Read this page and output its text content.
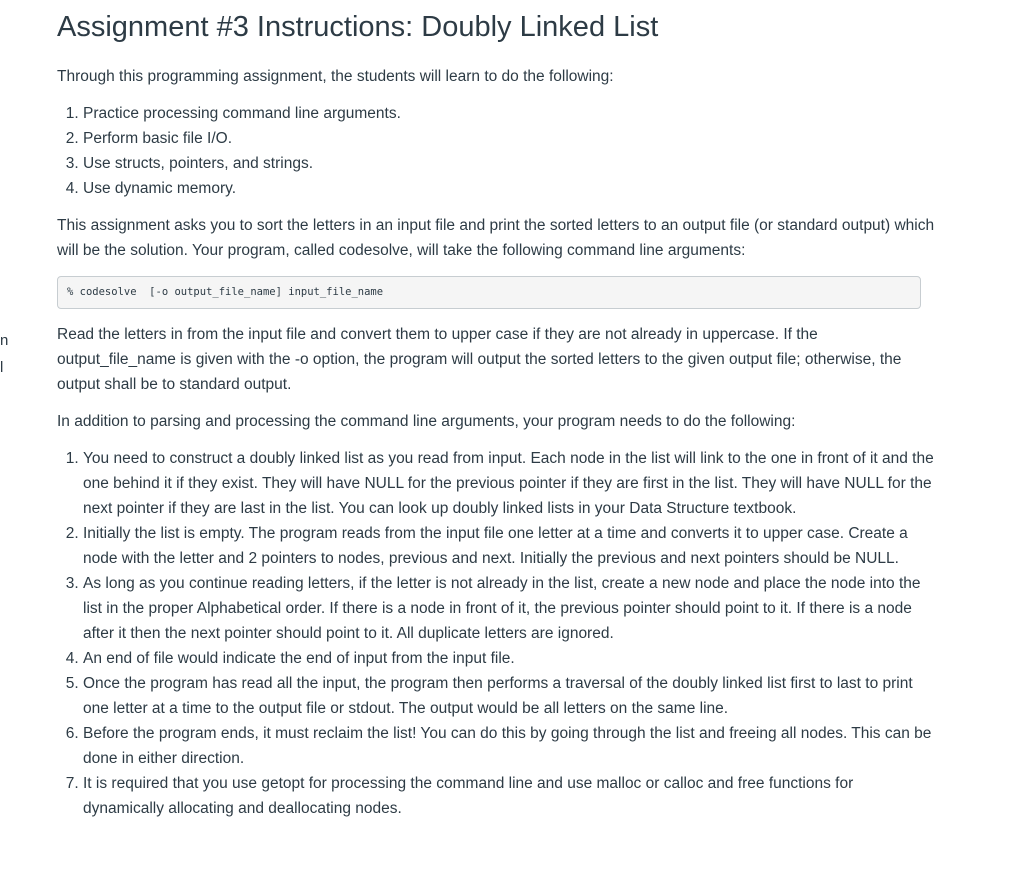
n
l
Assignment #3 Instructions: Doubly Linked List

Through this programming assignment, the students will learn to do the following:

1. Practice processing command line arguments.
2. Perform basic file I/O.
3. Use structs, pointers, and strings.
4. Use dynamic memory.

This assignment asks you to sort the letters in an input file and print the sorted letters to an output file (or standard output) which will be the solution. Your program, called codesolve, will take the following command line arguments:

% codesolve  [-o output_file_name] input_file_name

Read the letters in from the input file and convert them to upper case if they are not already in uppercase. If the output_file_name is given with the -o option, the program will output the sorted letters to the given output file; otherwise, the output shall be to standard output.

In addition to parsing and processing the command line arguments, your program needs to do the following:

1. You need to construct a doubly linked list as you read from input. Each node in the list will link to the one in front of it and the one behind it if they exist. They will have NULL for the previous pointer if they are first in the list. They will have NULL for the next pointer if they are last in the list. You can look up doubly linked lists in your Data Structure textbook.
2. Initially the list is empty. The program reads from the input file one letter at a time and converts it to upper case. Create a node with the letter and 2 pointers to nodes, previous and next. Initially the previous and next pointers should be NULL.
3. As long as you continue reading letters, if the letter is not already in the list, create a new node and place the node into the list in the proper Alphabetical order. If there is a node in front of it, the previous pointer should point to it. If there is a node after it then the next pointer should point to it. All duplicate letters are ignored.
4. An end of file would indicate the end of input from the input file.
5. Once the program has read all the input, the program then performs a traversal of the doubly linked list first to last to print one letter at a time to the output file or stdout. The output would be all letters on the same line.
6. Before the program ends, it must reclaim the list! You can do this by going through the list and freeing all nodes. This can be done in either direction.
7. It is required that you use getopt for processing the command line and use malloc or calloc and free functions for dynamically allocating and deallocating nodes.
